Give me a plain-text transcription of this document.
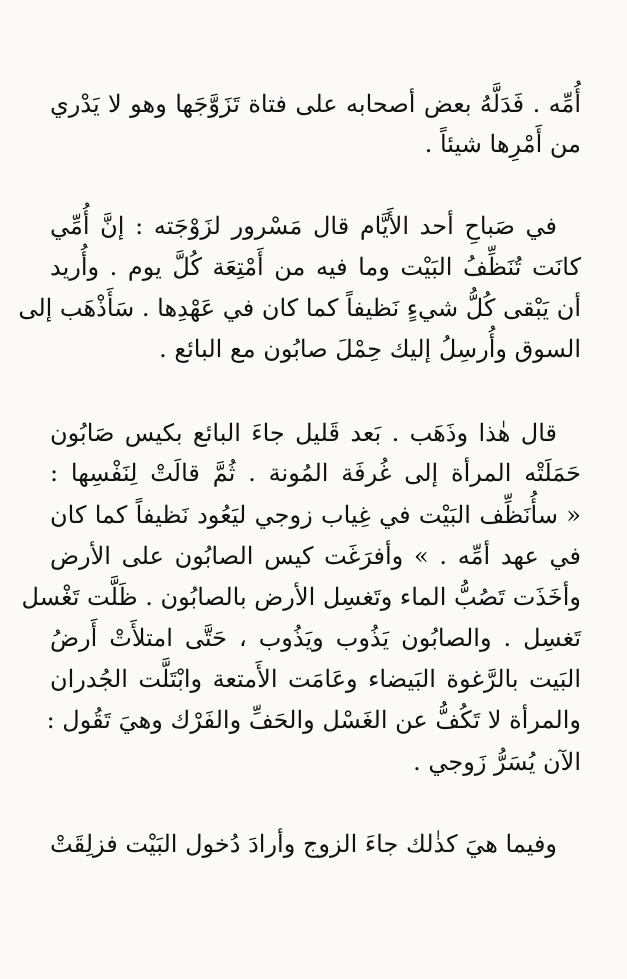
أُمِّه . فَدَلَّهُ بعض أصحابه على فتاة تَزَوَّجَها وهو لا يَدْري
من أَمْرِها شيئاً .
في صَباحِ أحد الأَيَّام قال مَسْرور لزَوْجَته : إنَّ أُمِّي
كانَت تُنَظِّفُ البَيْت وما فيه من أَمْتِعَة كُلَّ يوم . وأُريد
أن يَبْقى كُلُّ شيءٍ نَظيفاً كما كان في عَهْدِها . سَأَذْهَب إلى
السوق وأُرسِلُ إليك حِمْلَ صابُون مع البائع .
قال هٰذا وذَهَب . بَعد قَليل جاءَ البائع بكيس صَابُون
حَمَلَتْه المرأة إلى غُرفَة المُونة . ثُمَّ قالَتْ لِنَفْسِها :
« سأُنَظِّف البَيْت في غِياب زوجي ليَعُود نَظيفاً كما كان
في عهد أمِّه . » وأفرَغَت كيس الصابُون على الأرض
وأخَذَت تَصُبُّ الماء وتَغسِل الأرض بالصابُون . ظَلَّت تَغْسل
تَغسِل . والصابُون يَذُوب ويَذُوب ، حَتَّى امتلأَتْ أَرضُ
البَيت بالرَّغوة البَيضاء وعَامَت الأَمتعة وابْتَلَّت الجُدران
والمرأة لا تَكُفُّ عن الغَسْل والحَفِّ والفَرْك وهيَ تَقُول :
الآن يُسَرُّ زَوجي .
وفيما هيَ كذٰلك جاءَ الزوج وأرادَ دُخول البَيْت فزلِقَتْ
